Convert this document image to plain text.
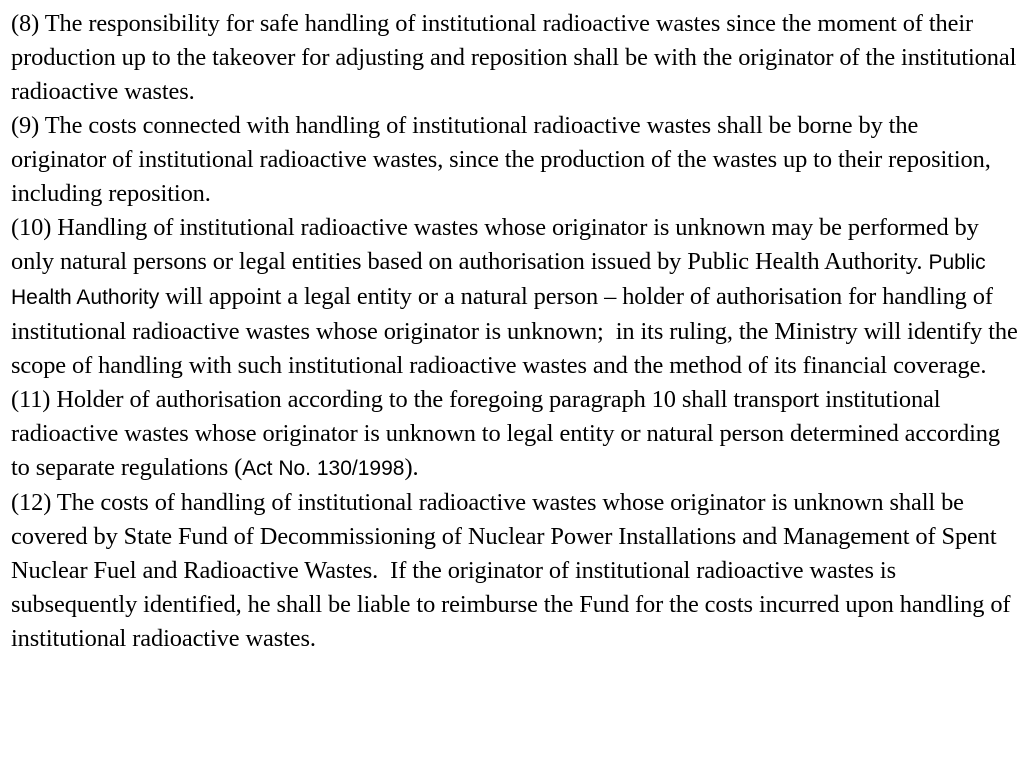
(8) The responsibility for safe handling of institutional radioactive wastes since the moment of their production up to the takeover for adjusting and reposition shall be with the originator of the institutional radioactive wastes.

(9) The costs connected with handling of institutional radioactive wastes shall be borne by the originator of institutional radioactive wastes, since the production of the wastes up to their reposition, including reposition.

(10) Handling of institutional radioactive wastes whose originator is unknown may be performed by only natural persons or legal entities based on authorisation issued by Public Health Authority. Public Health Authority will appoint a legal entity or a natural person – holder of authorisation for handling of institutional radioactive wastes whose originator is unknown;  in its ruling, the Ministry will identify the scope of handling with such institutional radioactive wastes and the method of its financial coverage.

(11) Holder of authorisation according to the foregoing paragraph 10 shall transport institutional radioactive wastes whose originator is unknown to legal entity or natural person determined according to separate regulations (Act No. 130/1998).

(12) The costs of handling of institutional radioactive wastes whose originator is unknown shall be covered by State Fund of Decommissioning of Nuclear Power Installations and Management of Spent Nuclear Fuel and Radioactive Wastes.  If the originator of institutional radioactive wastes is subsequently identified, he shall be liable to reimburse the Fund for the costs incurred upon handling of institutional radioactive wastes.
